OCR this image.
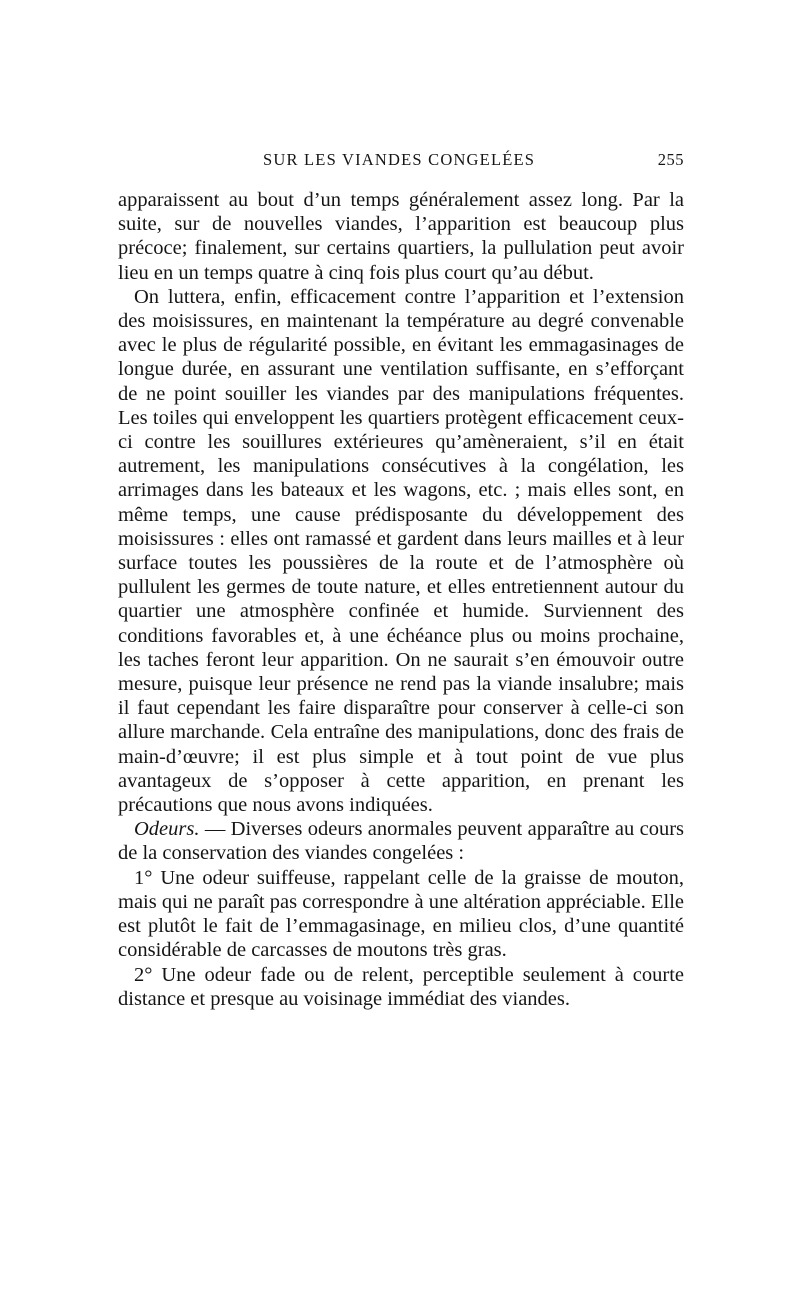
SUR LES VIANDES CONGELÉES	255

apparaissent au bout d’un temps généralement assez long. Par la suite, sur de nouvelles viandes, l’apparition est beaucoup plus précoce; finalement, sur certains quartiers, la pullulation peut avoir lieu en un temps quatre à cinq fois plus court qu’au début.

On luttera, enfin, efficacement contre l’apparition et l’extension des moisissures, en maintenant la température au degré convenable avec le plus de régularité possible, en évitant les emmagasinages de longue durée, en assurant une ventilation suffisante, en s’efforçant de ne point souiller les viandes par des manipulations fréquentes. Les toiles qui enveloppent les quartiers protègent efficacement ceux-ci contre les souillures extérieures qu’amèneraient, s’il en était autrement, les manipulations consécutives à la congélation, les arrimages dans les bateaux et les wagons, etc. ; mais elles sont, en même temps, une cause prédisposante du développement des moisissures : elles ont ramassé et gardent dans leurs mailles et à leur surface toutes les poussières de la route et de l’atmosphère où pullulent les germes de toute nature, et elles entretiennent autour du quartier une atmosphère confinée et humide. Surviennent des conditions favorables et, à une échéance plus ou moins prochaine, les taches feront leur apparition. On ne saurait s’en émouvoir outre mesure, puisque leur présence ne rend pas la viande insalubre; mais il faut cependant les faire disparaître pour conserver à celle-ci son allure marchande. Cela entraîne des manipulations, donc des frais de main-d’œuvre; il est plus simple et à tout point de vue plus avantageux de s’opposer à cette apparition, en prenant les précautions que nous avons indiquées.

Odeurs. — Diverses odeurs anormales peuvent apparaître au cours de la conservation des viandes congelées :

1° Une odeur suiffeuse, rappelant celle de la graisse de mouton, mais qui ne paraît pas correspondre à une altération appréciable. Elle est plutôt le fait de l’emmagasinage, en milieu clos, d’une quantité considérable de carcasses de moutons très gras.

2° Une odeur fade ou de relent, perceptible seulement à courte distance et presque au voisinage immédiat des viandes.
